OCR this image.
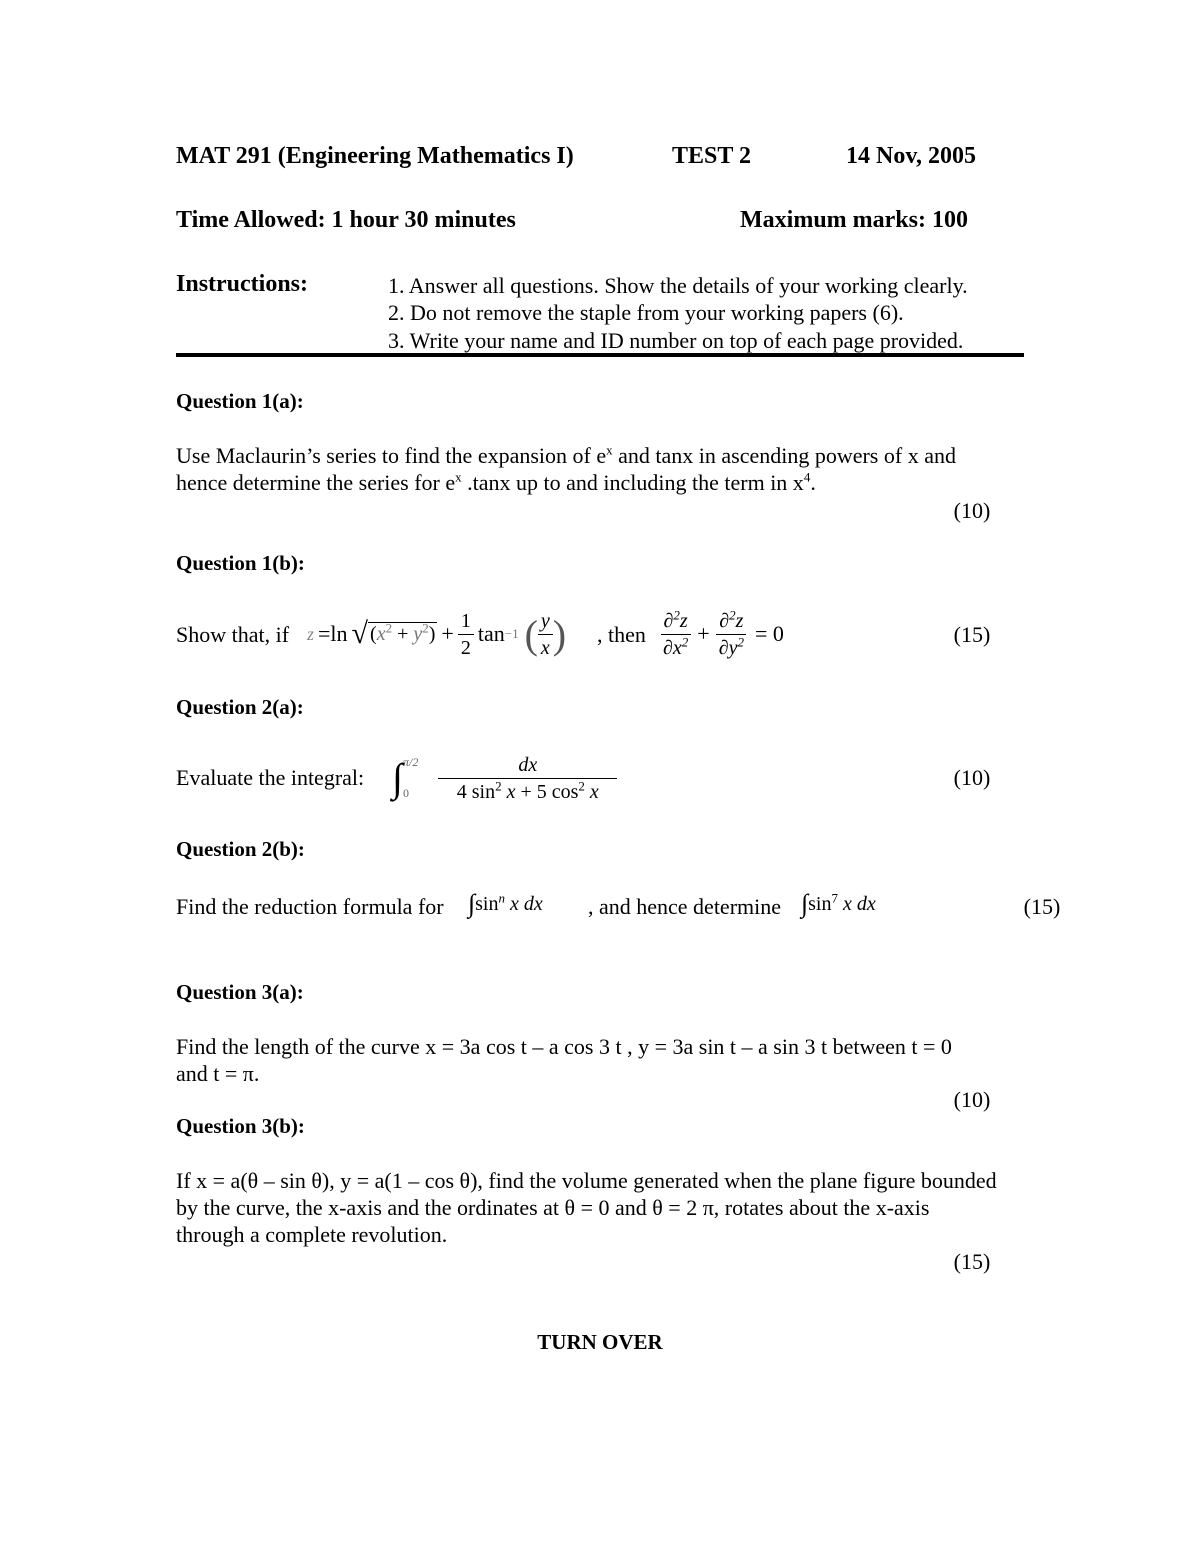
MAT 291 (Engineering Mathematics I)	TEST 2	14 Nov, 2005
Time Allowed: 1 hour 30 minutes	Maximum marks: 100
Instructions:	1. Answer all questions. Show the details of your working clearly.
2. Do not remove the staple from your working papers (6).
3. Write your name and ID number on top of each page provided.
Question 1(a):
Use Maclaurin’s series to find the expansion of $e^x$ and tanx in ascending powers of x and
hence determine the series for $e^x$ .tanx up to and including the term in $x^4$.
(10)
Question 1(b):
Show that, if z =ln √ $(x^2 + y^2) + \frac{1}{2}$ tan −1 ( $\frac{y}{x}$ ) , then $\frac{\partial^2z}{\partial x^2} + \frac{\partial^2z}{\partial y^2} = 0$	(15)
Question 2(a):
Evaluate the integral: ∫ π/2
0	$\frac{dx}{4 \sin^2 x + 5 \cos^2 x}$	(10)
Question 2(b):
Find the reduction formula for ∫ $\sin^n x$ dx , and hence determine ∫ $\sin^7 x$ dx	(15)
Question 3(a):
Find the length of the curve x = 3a cos t – a cos 3 t , y = 3a sin t – a sin 3 t between t = 0
and t = π.
(10)
Question 3(b):
If x = a(θ – sin θ), y = a(1 – cos θ), find the volume generated when the plane figure bounded
by the curve, the x-axis and the ordinates at θ = 0 and θ = 2 π, rotates about the x-axis
through a complete revolution.
(15)
TURN OVER
